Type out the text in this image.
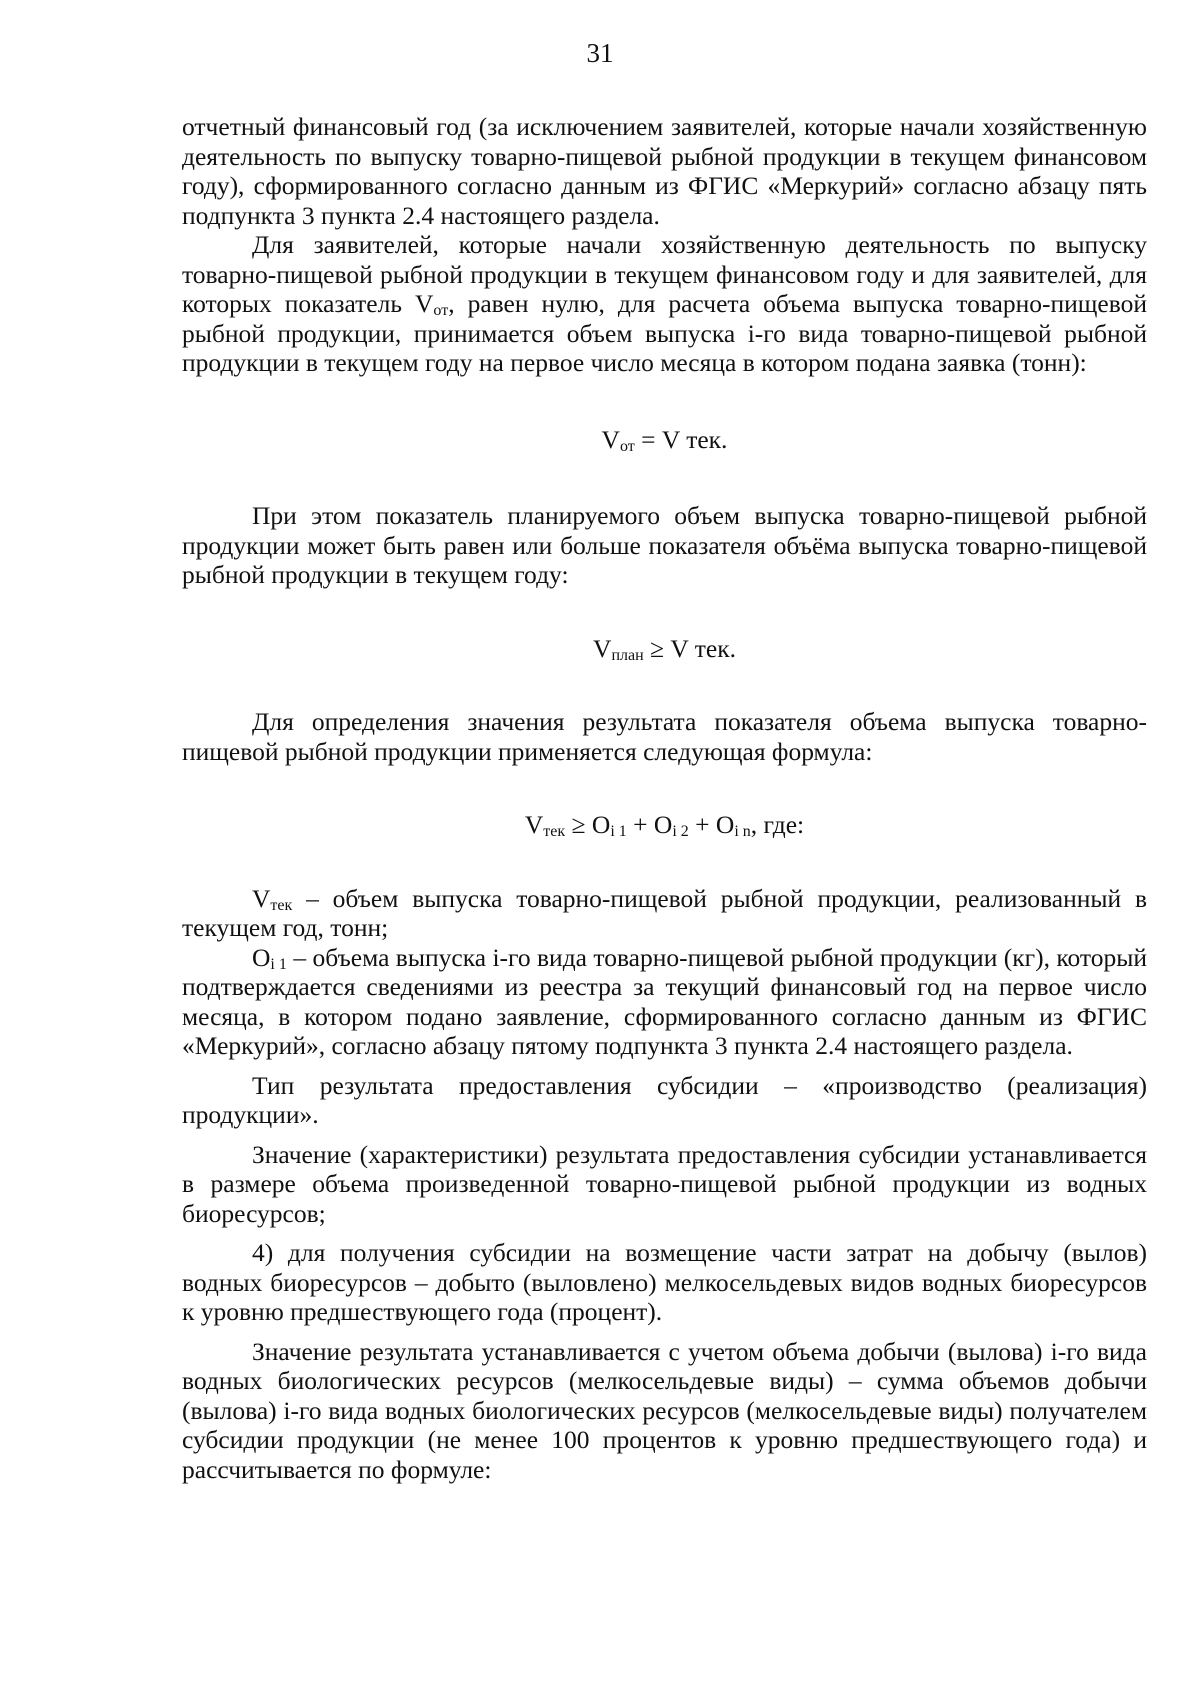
31

отчетный финансовый год (за исключением заявителей, которые начали хозяйственную деятельность по выпуску товарно-пищевой рыбной продукции в текущем финансовом году), сформированного согласно данным из ФГИС «Меркурий» согласно абзацу пять подпункта 3 пункта 2.4 настоящего раздела.

Для заявителей, которые начали хозяйственную деятельность по выпуску товарно-пищевой рыбной продукции в текущем финансовом году и для заявителей, для которых показатель $V_{от}$, равен нулю, для расчета объема выпуска товарно-пищевой рыбной продукции, принимается объем выпуска i-го вида товарно-пищевой рыбной продукции в текущем году на первое число месяца в котором подана заявка (тонн):

$V_{от} = V$ тек.

При этом показатель планируемого объем выпуска товарно-пищевой рыбной продукции может быть равен или больше показателя объёма выпуска товарно-пищевой рыбной продукции в текущем году:

$V_{план} \ge V$ тек.

Для определения значения результата показателя объема выпуска товарно-пищевой рыбной продукции применяется следующая формула:

$V_{тек} \ge O_{i 1} + O_{i 2} + O_{i n}$, где:

$V_{тек}$ – объем выпуска товарно-пищевой рыбной продукции, реализованный в текущем год, тонн;

$O_{i 1}$ – объема выпуска i-го вида товарно-пищевой рыбной продукции (кг), который подтверждается сведениями из реестра за текущий финансовый год на первое число месяца, в котором подано заявление, сформированного согласно данным из ФГИС «Меркурий», согласно абзацу пятому подпункта 3 пункта 2.4 настоящего раздела.

Тип результата предоставления субсидии – «производство (реализация) продукции».

Значение (характеристики) результата предоставления субсидии устанавливается в размере объема произведенной товарно-пищевой рыбной продукции из водных биоресурсов;

4) для получения субсидии на возмещение части затрат на добычу (вылов) водных биоресурсов – добыто (выловлено) мелкосельдевых видов водных биоресурсов к уровню предшествующего года (процент).

Значение результата устанавливается с учетом объема добычи (вылова) i-го вида водных биологических ресурсов (мелкосельдевые виды) – сумма объемов добычи (вылова) i-го вида водных биологических ресурсов (мелкосельдевые виды) получателем субсидии продукции (не менее 100 процентов к уровню предшествующего года) и рассчитывается по формуле:
